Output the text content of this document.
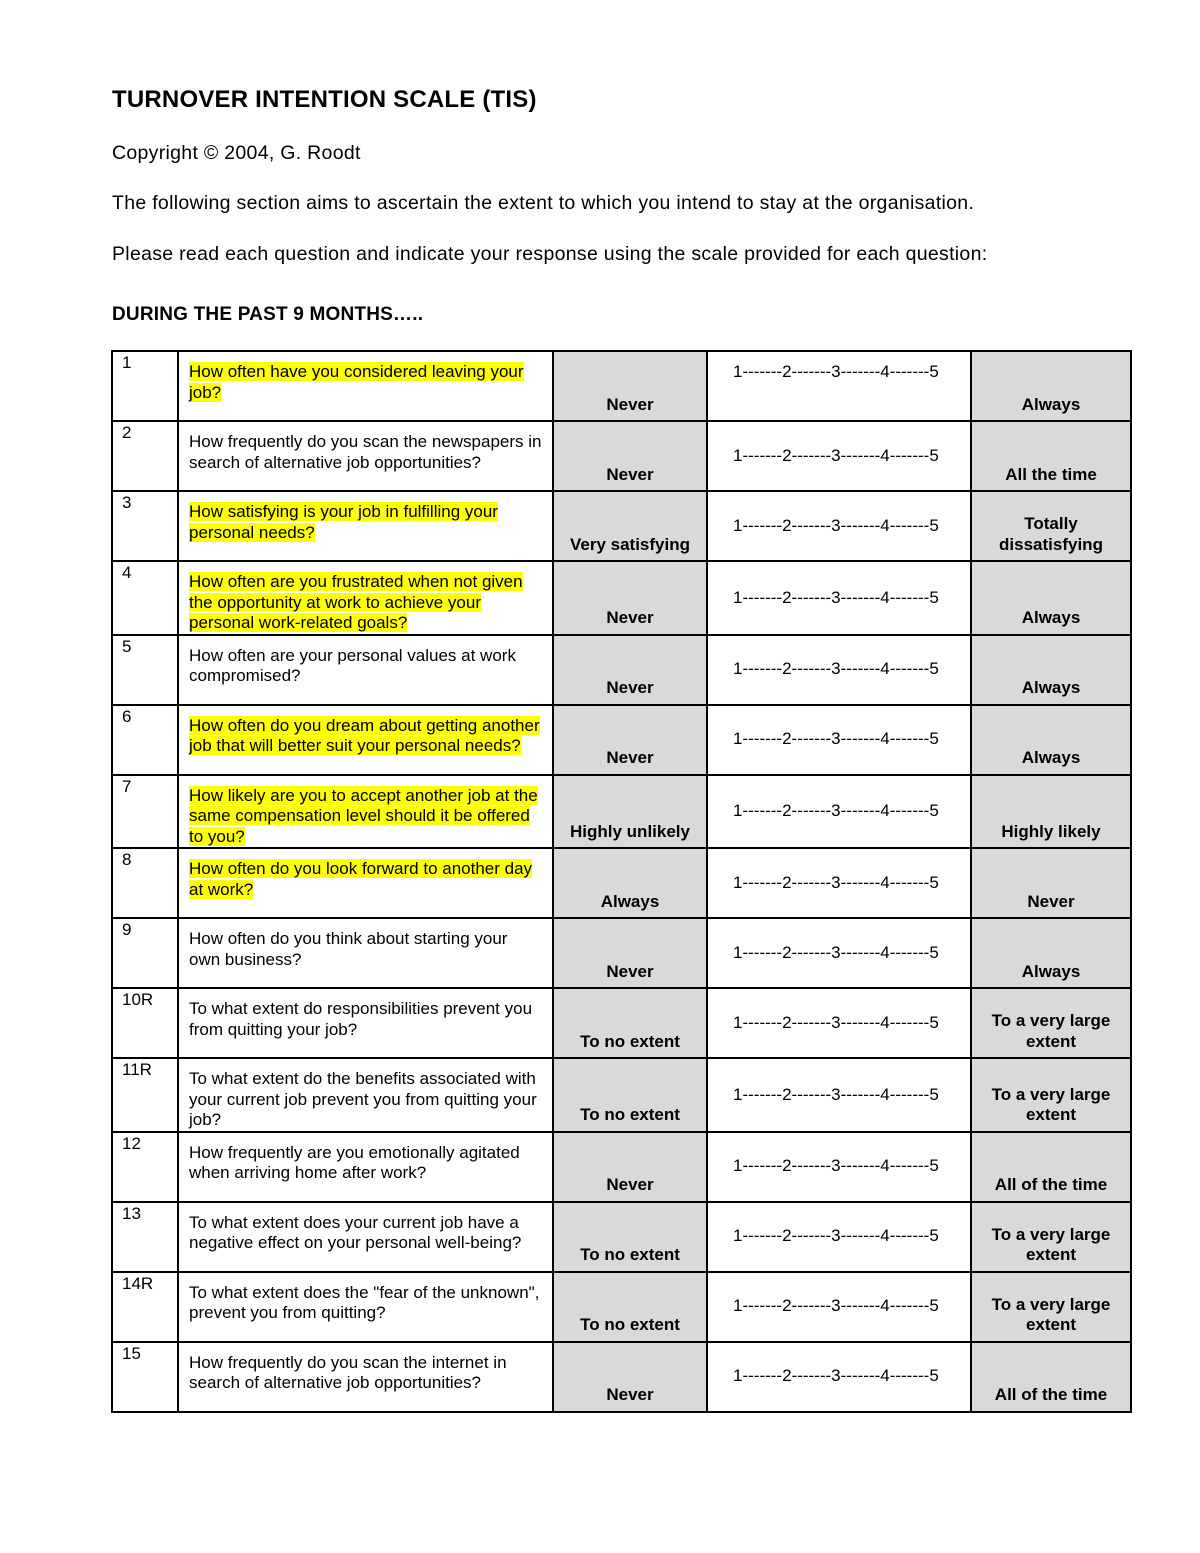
TURNOVER INTENTION SCALE (TIS)

Copyright © 2004, G. Roodt

The following section aims to ascertain the extent to which you intend to stay at the organisation.

Please read each question and indicate your response using the scale provided for each question:

DURING THE PAST 9 MONTHS…..

1	How often have you considered leaving your job?	Never	1-------2-------3-------4-------5	Always
2	How frequently do you scan the newspapers in search of alternative job opportunities?	Never	1-------2-------3-------4-------5	All the time
3	How satisfying is your job in fulfilling your personal needs?	Very satisfying	1-------2-------3-------4-------5	Totally dissatisfying
4	How often are you frustrated when not given the opportunity at work to achieve your personal work-related goals?	Never	1-------2-------3-------4-------5	Always
5	How often are your personal values at work compromised?	Never	1-------2-------3-------4-------5	Always
6	How often do you dream about getting another job that will better suit your personal needs?	Never	1-------2-------3-------4-------5	Always
7	How likely are you to accept another job at the same compensation level should it be offered to you?	Highly unlikely	1-------2-------3-------4-------5	Highly likely
8	How often do you look forward to another day at work?	Always	1-------2-------3-------4-------5	Never
9	How often do you think about starting your own business?	Never	1-------2-------3-------4-------5	Always
10R	To what extent do responsibilities prevent you from quitting your job?	To no extent	1-------2-------3-------4-------5	To a very large extent
11R	To what extent do the benefits associated with your current job prevent you from quitting your job?	To no extent	1-------2-------3-------4-------5	To a very large extent
12	How frequently are you emotionally agitated when arriving home after work?	Never	1-------2-------3-------4-------5	All of the time
13	To what extent does your current job have a negative effect on your personal well-being?	To no extent	1-------2-------3-------4-------5	To a very large extent
14R	To what extent does the "fear of the unknown", prevent you from quitting?	To no extent	1-------2-------3-------4-------5	To a very large extent
15	How frequently do you scan the internet in search of alternative job opportunities?	Never	1-------2-------3-------4-------5	All of the time
